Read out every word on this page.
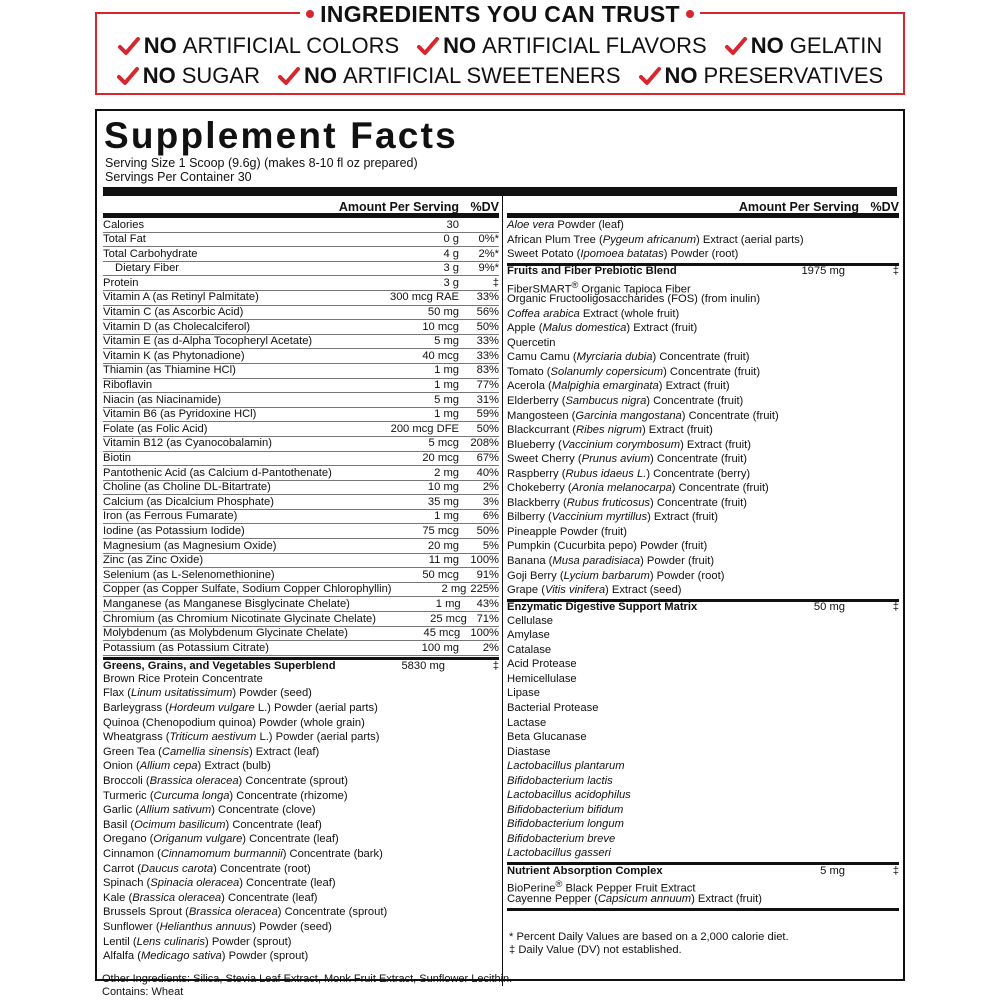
INGREDIENTS YOU CAN TRUST
NO ARTIFICIAL COLORS NO ARTIFICIAL FLAVORS NO GELATIN
NO SUGAR NO ARTIFICIAL SWEETENERS NO PRESERVATIVES
Supplement Facts
Serving Size 1 Scoop (9.6g) (makes 8-10 fl oz prepared)
Servings Per Container 30
Amount Per Serving %DV
Calories	30
Total Fat	0 g	0%*
Total Carbohydrate	4 g	2%*
Dietary Fiber	3 g	9%*
Protein	3 g	‡
Vitamin A (as Retinyl Palmitate)	300 mcg RAE	33%
Vitamin C (as Ascorbic Acid)	50 mg	56%
Vitamin D (as Cholecalciferol)	10 mcg	50%
Vitamin E (as d-Alpha Tocopheryl Acetate)	5 mg	33%
Vitamin K (as Phytonadione)	40 mcg	33%
Thiamin (as Thiamine HCl)	1 mg	83%
Riboflavin	1 mg	77%
Niacin (as Niacinamide)	5 mg	31%
Vitamin B6 (as Pyridoxine HCl)	1 mg	59%
Folate (as Folic Acid)	200 mcg DFE	50%
Vitamin B12 (as Cyanocobalamin)	5 mcg	208%
Biotin	20 mcg	67%
Pantothenic Acid (as Calcium d-Pantothenate)	2 mg	40%
Choline (as Choline DL-Bitartrate)	10 mg	2%
Calcium (as Dicalcium Phosphate)	35 mg	3%
Iron (as Ferrous Fumarate)	1 mg	6%
Iodine (as Potassium Iodide)	75 mcg	50%
Magnesium (as Magnesium Oxide)	20 mg	5%
Zinc (as Zinc Oxide)	11 mg	100%
Selenium (as L-Selenomethionine)	50 mcg	91%
Copper (as Copper Sulfate, Sodium Copper Chlorophyllin)	2 mg 225%
Manganese (as Manganese Bisglycinate Chelate)	1 mg	43%
Chromium (as Chromium Nicotinate Glycinate Chelate)	25 mcg 71%
Molybdenum (as Molybdenum Glycinate Chelate)	45 mcg 100%
Potassium (as Potassium Citrate)	100 mg	2%
Greens, Grains, and Vegetables Superblend	5830 mg	‡
Brown Rice Protein Concentrate
Flax (Linum usitatissimum) Powder (seed)
Barleygrass (Hordeum vulgare L.) Powder (aerial parts)
Quinoa (Chenopodium quinoa) Powder (whole grain)
Wheatgrass (Triticum aestivum L.) Powder (aerial parts)
Green Tea (Camellia sinensis) Extract (leaf)
Onion (Allium cepa) Extract (bulb)
Broccoli (Brassica oleracea) Concentrate (sprout)
Turmeric (Curcuma longa) Concentrate (rhizome)
Garlic (Allium sativum) Concentrate (clove)
Basil (Ocimum basilicum) Concentrate (leaf)
Oregano (Origanum vulgare) Concentrate (leaf)
Cinnamon (Cinnamomum burmannii) Concentrate (bark)
Carrot (Daucus carota) Concentrate (root)
Spinach (Spinacia oleracea) Concentrate (leaf)
Kale (Brassica oleracea) Concentrate (leaf)
Brussels Sprout (Brassica oleracea) Concentrate (sprout)
Sunflower (Helianthus annuus) Powder (seed)
Lentil (Lens culinaris) Powder (sprout)
Alfalfa (Medicago sativa) Powder (sprout)
Amount Per Serving %DV
Aloe vera Powder (leaf)
African Plum Tree (Pygeum africanum) Extract (aerial parts)
Sweet Potato (Ipomoea batatas) Powder (root)
Fruits and Fiber Prebiotic Blend	1975 mg	‡
FiberSMART® Organic Tapioca Fiber
Organic Fructooligosaccharides (FOS) (from inulin)
Coffea arabica Extract (whole fruit)
Apple (Malus domestica) Extract (fruit)
Quercetin
Camu Camu (Myrciaria dubia) Concentrate (fruit)
Tomato (Solanumly copersicum) Concentrate (fruit)
Acerola (Malpighia emarginata) Extract (fruit)
Elderberry (Sambucus nigra) Concentrate (fruit)
Mangosteen (Garcinia mangostana) Concentrate (fruit)
Blackcurrant (Ribes nigrum) Extract (fruit)
Blueberry (Vaccinium corymbosum) Extract (fruit)
Sweet Cherry (Prunus avium) Concentrate (fruit)
Raspberry (Rubus idaeus L.) Concentrate (berry)
Chokeberry (Aronia melanocarpa) Concentrate (fruit)
Blackberry (Rubus fruticosus) Concentrate (fruit)
Bilberry (Vaccinium myrtillus) Extract (fruit)
Pineapple Powder (fruit)
Pumpkin (Cucurbita pepo) Powder (fruit)
Banana (Musa paradisiaca) Powder (fruit)
Goji Berry (Lycium barbarum) Powder (root)
Grape (Vitis vinifera) Extract (seed)
Enzymatic Digestive Support Matrix	50 mg	‡
Cellulase
Amylase
Catalase
Acid Protease
Hemicellulase
Lipase
Bacterial Protease
Lactase
Beta Glucanase
Diastase
Lactobacillus plantarum
Bifidobacterium lactis
Lactobacillus acidophilus
Bifidobacterium bifidum
Bifidobacterium longum
Bifidobacterium breve
Lactobacillus gasseri
Nutrient Absorption Complex	5 mg	‡
BioPerine® Black Pepper Fruit Extract
Cayenne Pepper (Capsicum annuum) Extract (fruit)
* Percent Daily Values are based on a 2,000 calorie diet.
‡ Daily Value (DV) not established.
Other Ingredients: Silica, Stevia Leaf Extract, Monk Fruit Extract, Sunflower Lecithin.
Contains: Wheat
